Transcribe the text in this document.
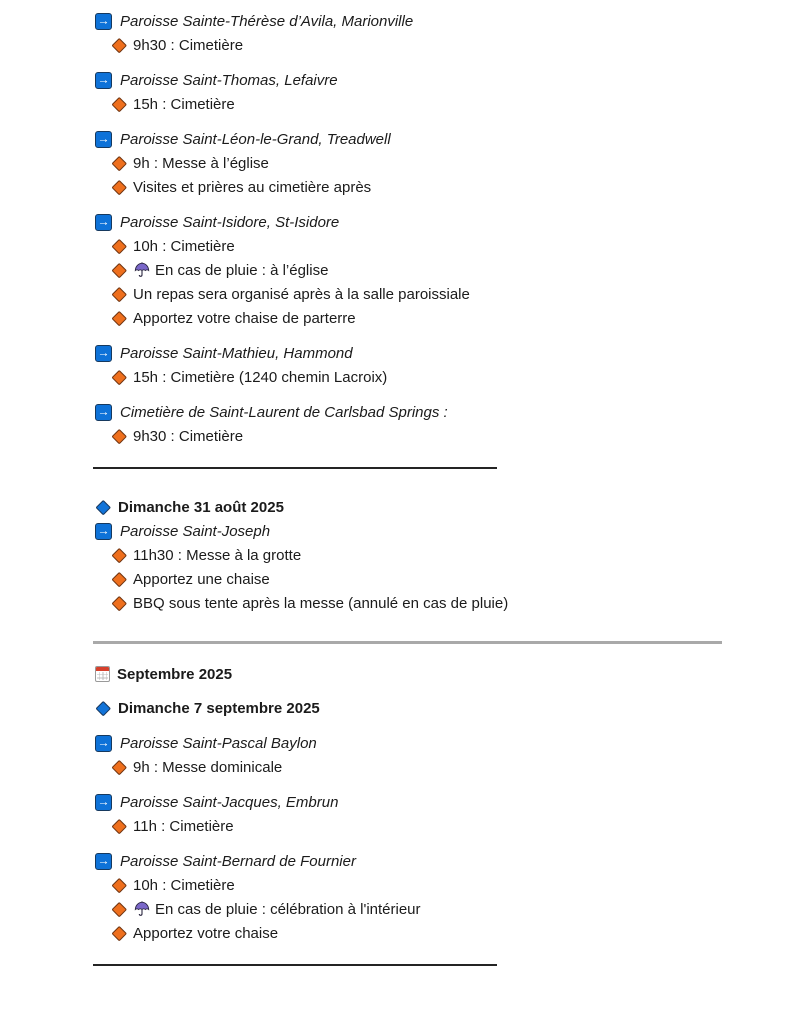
→ Paroisse Sainte-Thérèse d’Avila, Marionville
9h30 : Cimetière
→ Paroisse Saint-Thomas, Lefaivre
15h : Cimetière
→ Paroisse Saint-Léon-le-Grand, Treadwell
9h : Messe à l’église
Visites et prières au cimetière après
→ Paroisse Saint-Isidore, St-Isidore
10h : Cimetière
En cas de pluie : à l’église
Un repas sera organisé après à la salle paroissiale
Apportez votre chaise de parterre
→ Paroisse Saint-Mathieu, Hammond
15h : Cimetière (1240 chemin Lacroix)
→ Cimetière de Saint-Laurent de Carlsbad Springs :
9h30 : Cimetière
Dimanche 31 août 2025
→ Paroisse Saint-Joseph
11h30 : Messe à la grotte
Apportez une chaise
BBQ sous tente après la messe (annulé en cas de pluie)
Septembre 2025
Dimanche 7 septembre 2025
→ Paroisse Saint-Pascal Baylon
9h : Messe dominicale
→ Paroisse Saint-Jacques, Embrun
11h : Cimetière
→ Paroisse Saint-Bernard de Fournier
10h : Cimetière
En cas de pluie : célébration à l'intérieur
Apportez votre chaise
